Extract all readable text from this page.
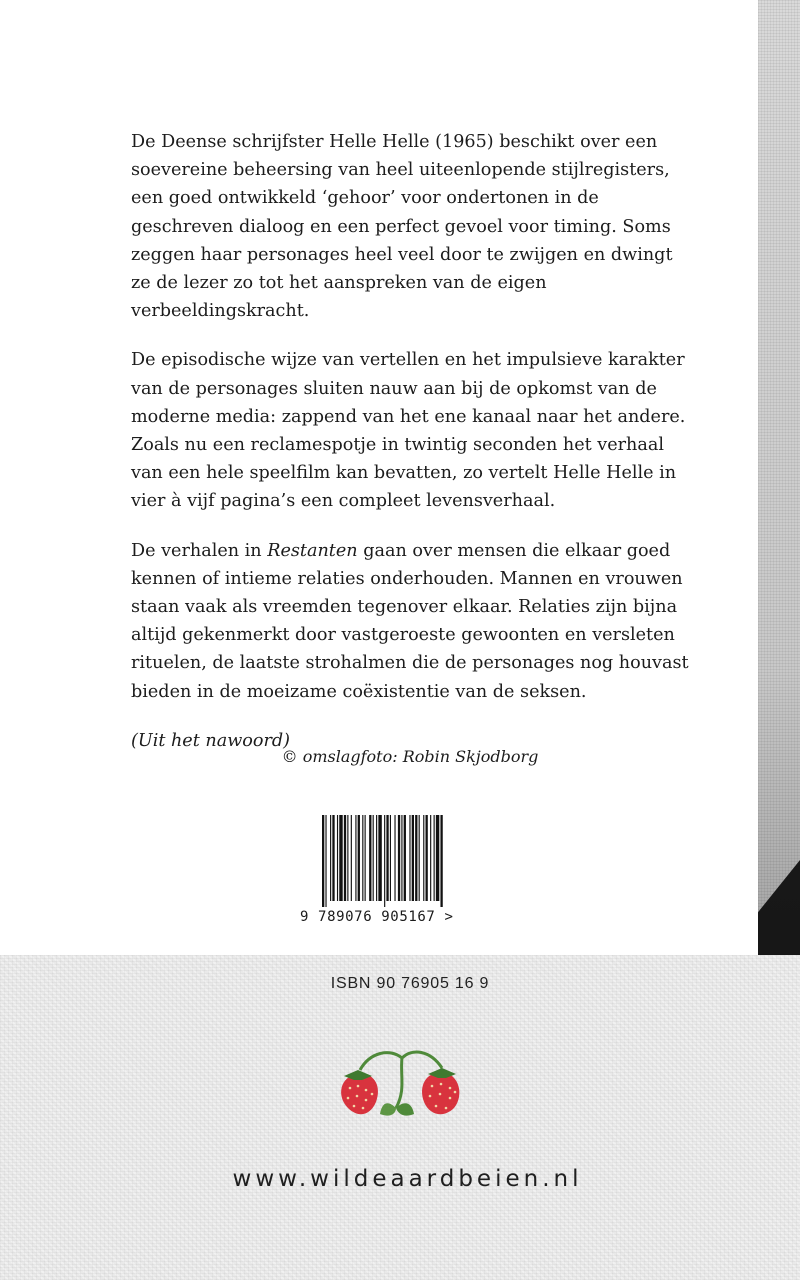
De Deense schrijfster Helle Helle (1965) beschikt over een soevereine beheersing van heel uiteenlopende stijlregisters, een goed ontwikkeld ‘gehoor’ voor ondertonen in de geschreven dialoog en een perfect gevoel voor timing. Soms zeggen haar personages heel veel door te zwijgen en dwingt ze de lezer zo tot het aanspreken van de eigen verbeeldingskracht.

De episodische wijze van vertellen en het impulsieve karakter van de personages sluiten nauw aan bij de opkomst van de moderne media: zappend van het ene kanaal naar het andere. Zoals nu een reclamespotje in twintig seconden het verhaal van een hele speelfilm kan bevatten, zo vertelt Helle Helle in vier à vijf pagina’s een compleet levensverhaal.

De verhalen in Restanten gaan over mensen die elkaar goed kennen of intieme relaties onderhouden. Mannen en vrouwen staan vaak als vreemden tegenover elkaar. Relaties zijn bijna altijd gekenmerkt door vastgeroeste gewoonten en versleten rituelen, de laatste strohalmen die de personages nog houvast bieden in de moeizame coëxistentie van de seksen.

(Uit het nawoord)

© omslagfoto: Robin Skjodborg
9 789076 905167 >
ISBN 90 76905 16 9
www.wildeaardbeien.nl
